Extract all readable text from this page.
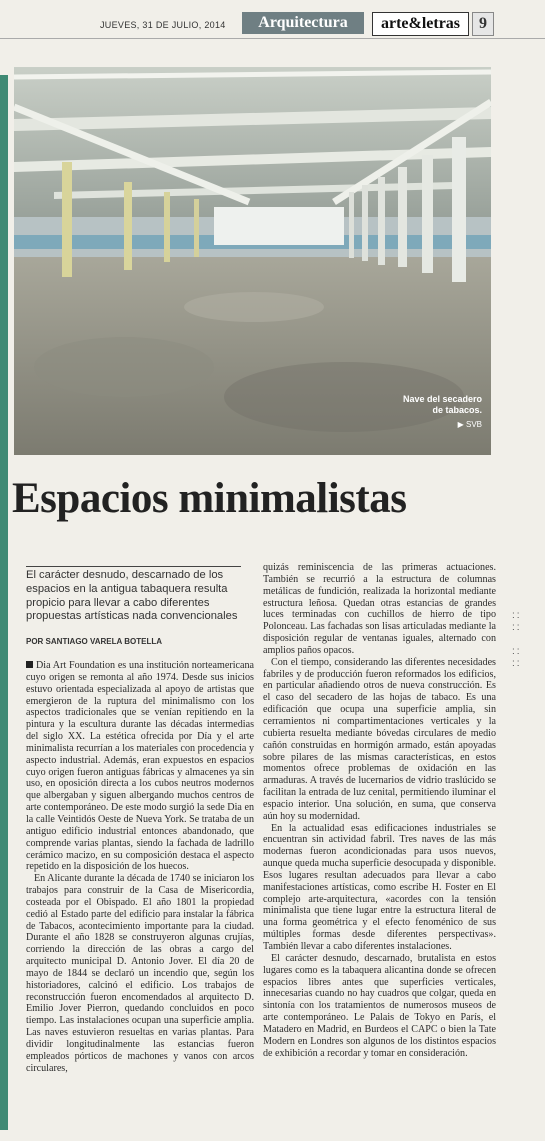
JUEVES, 31 DE JULIO, 2014	Arquitectura	arte&letras	9
Nave del secadero
de tabacos.
▶ SVB
Espacios minimalistas
El carácter desnudo, descarnado de los espacios en la antigua tabaquera resulta propicio para llevar a cabo diferentes propuestas artísticas nada convencionales
POR SANTIAGO VARELA BOTELLA

Dia Art Foundation es una institución norteamericana cuyo origen se remonta al año 1974. Desde sus inicios estuvo orientada especializada al apoyo de artistas que emergieron de la ruptura del minimalismo con los aspectos tradicionales que se venían repitiendo en la pintura y la escultura durante las décadas intermedias del siglo XX. La estética ofrecida por Día y el arte minimalista recurrían a los materiales con procedencia y aspecto industrial. Además, eran expuestos en espacios cuyo origen fueron antiguas fábricas y almacenes ya sin uso, en oposición directa a los cubos neutros modernos que albergaban y siguen albergando muchos centros de arte contemporáneo. De este modo surgió la sede Dia en la calle Veintidós Oeste de Nueva York. Se trataba de un antiguo edificio industrial entonces abandonado, que comprende varias plantas, siendo la fachada de ladrillo cerámico macizo, en su composición destaca el aspecto repetido en la disposición de los huecos.

En Alicante durante la década de 1740 se iniciaron los trabajos para construir de la Casa de Misericordia, costeada por el Obispado. El año 1801 la propiedad cedió al Estado parte del edificio para instalar la fábrica de Tabacos, acontecimiento importante para la ciudad. Durante el año 1828 se construyeron algunas crujías, corriendo la dirección de las obras a cargo del arquitecto municipal D. Antonio Jover. El día 20 de mayo de 1844 se declaró un incendio que, según los historiadores, calcinó el edificio. Los trabajos de reconstrucción fueron encomendados al arquitecto D. Emilio Jover Pierron, quedando concluidos en poco tiempo. Las instalaciones ocupan una superficie amplia. Las naves estuvieron resueltas en varias plantas. Para dividir longitudinalmente las estancias fueron empleados pórticos de machones y vanos con arcos circulares,

quizás reminiscencia de las primeras actuaciones. También se recurrió a la estructura de columnas metálicas de fundición, realizada la horizontal mediante estructura leñosa. Quedan otras estancias de grandes luces terminadas con cuchillos de hierro de tipo Polonceau. Las fachadas son lisas articuladas mediante la disposición regular de ventanas iguales, alternado con amplios paños opacos.

Con el tiempo, considerando las diferentes necesidades fabriles y de producción fueron reformados los edificios, en particular añadiendo otros de nueva construcción. Es el caso del secadero de las hojas de tabaco. Es una edificación que ocupa una superficie amplia, sin cerramientos ni compartimentaciones verticales y la cubierta resuelta mediante bóvedas circulares de medio cañón construidas en hormigón armado, están apoyadas sobre pilares de las mismas características, en estos momentos ofrece problemas de oxidación en las armaduras. A través de lucernarios de vidrio traslúcido se facilitan la entrada de luz cenital, permitiendo iluminar el espacio interior. Una solución, en suma, que conserva aún hoy su modernidad.

En la actualidad esas edificaciones industriales se encuentran sin actividad fabril. Tres naves de las más modernas fueron acondicionadas para usos nuevos, aunque queda mucha superficie desocupada y disponible. Esos lugares resultan adecuados para llevar a cabo manifestaciones artísticas, como escribe H. Foster en El complejo arte-arquitectura, «acordes con la tensión minimalista que tiene lugar entre la estructura literal de una forma geométrica y el efecto fenoménico de sus múltiples formas desde diferentes perspectivas». También llevar a cabo diferentes instalaciones.

El carácter desnudo, descarnado, brutalista en estos lugares como es la tabaquera alicantina donde se ofrecen espacios libres antes que superficies verticales, innecesarias cuando no hay cuadros que colgar, queda en sintonía con los tratamientos de numerosos museos de arte contemporáneo. Le Palais de Tokyo en París, el Matadero en Madrid, en Burdeos el CAPC o bien la Tate Modern en Londres son algunos de los distintos espacios de exhibición a recordar y tomar en consideración.

::
::

::
::
